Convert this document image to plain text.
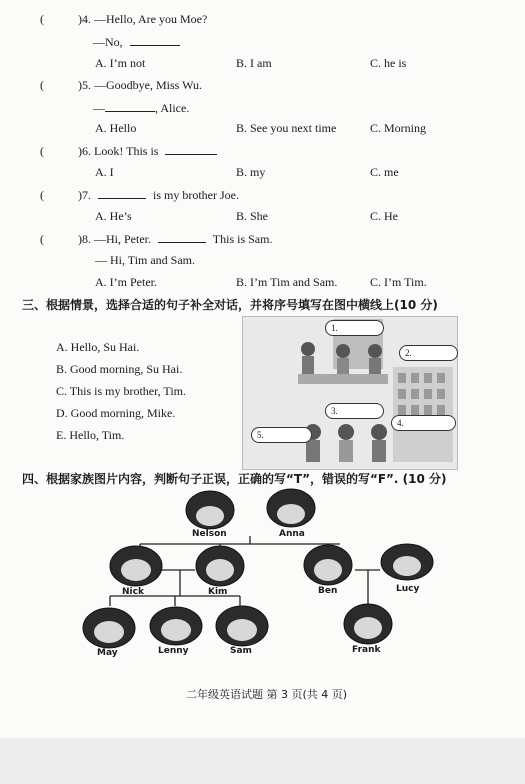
(	)4. —Hello, Are you Moe?
—No,
A. I’m not	B. I am	C. he is
(	)5. —Goodbye, Miss Wu.
—	, Alice.
A. Hello	B. See you next time	C. Morning
(	)6. Look! This is
A. I	B. my	C. me
(	)7.	is my brother Joe.
A. He’s	B. She	C. He
(	)8. —Hi, Peter.	This is Sam.
— Hi, Tim and Sam.
A. I’m Peter.	B. I’m Tim and Sam.	C. I’m Tim.
三、根据情景，选择合适的句子补全对话，并将序号填写在图中横线上(10 分)
A. Hello, Su Hai.
B. Good morning, Su Hai.
C. This is my brother, Tim.
D. Good morning, Mike.
E. Hello, Tim.
1.
2.
3.
4.
5.
四、根据家族图片内容，判断句子正误，正确的写“T”，错误的写“F”. (10 分)
Nelson	Anna
Nick	Kim	Ben	Lucy
May	Lenny	Sam	Frank
二年级英语试题 第 3 页(共 4 页)
